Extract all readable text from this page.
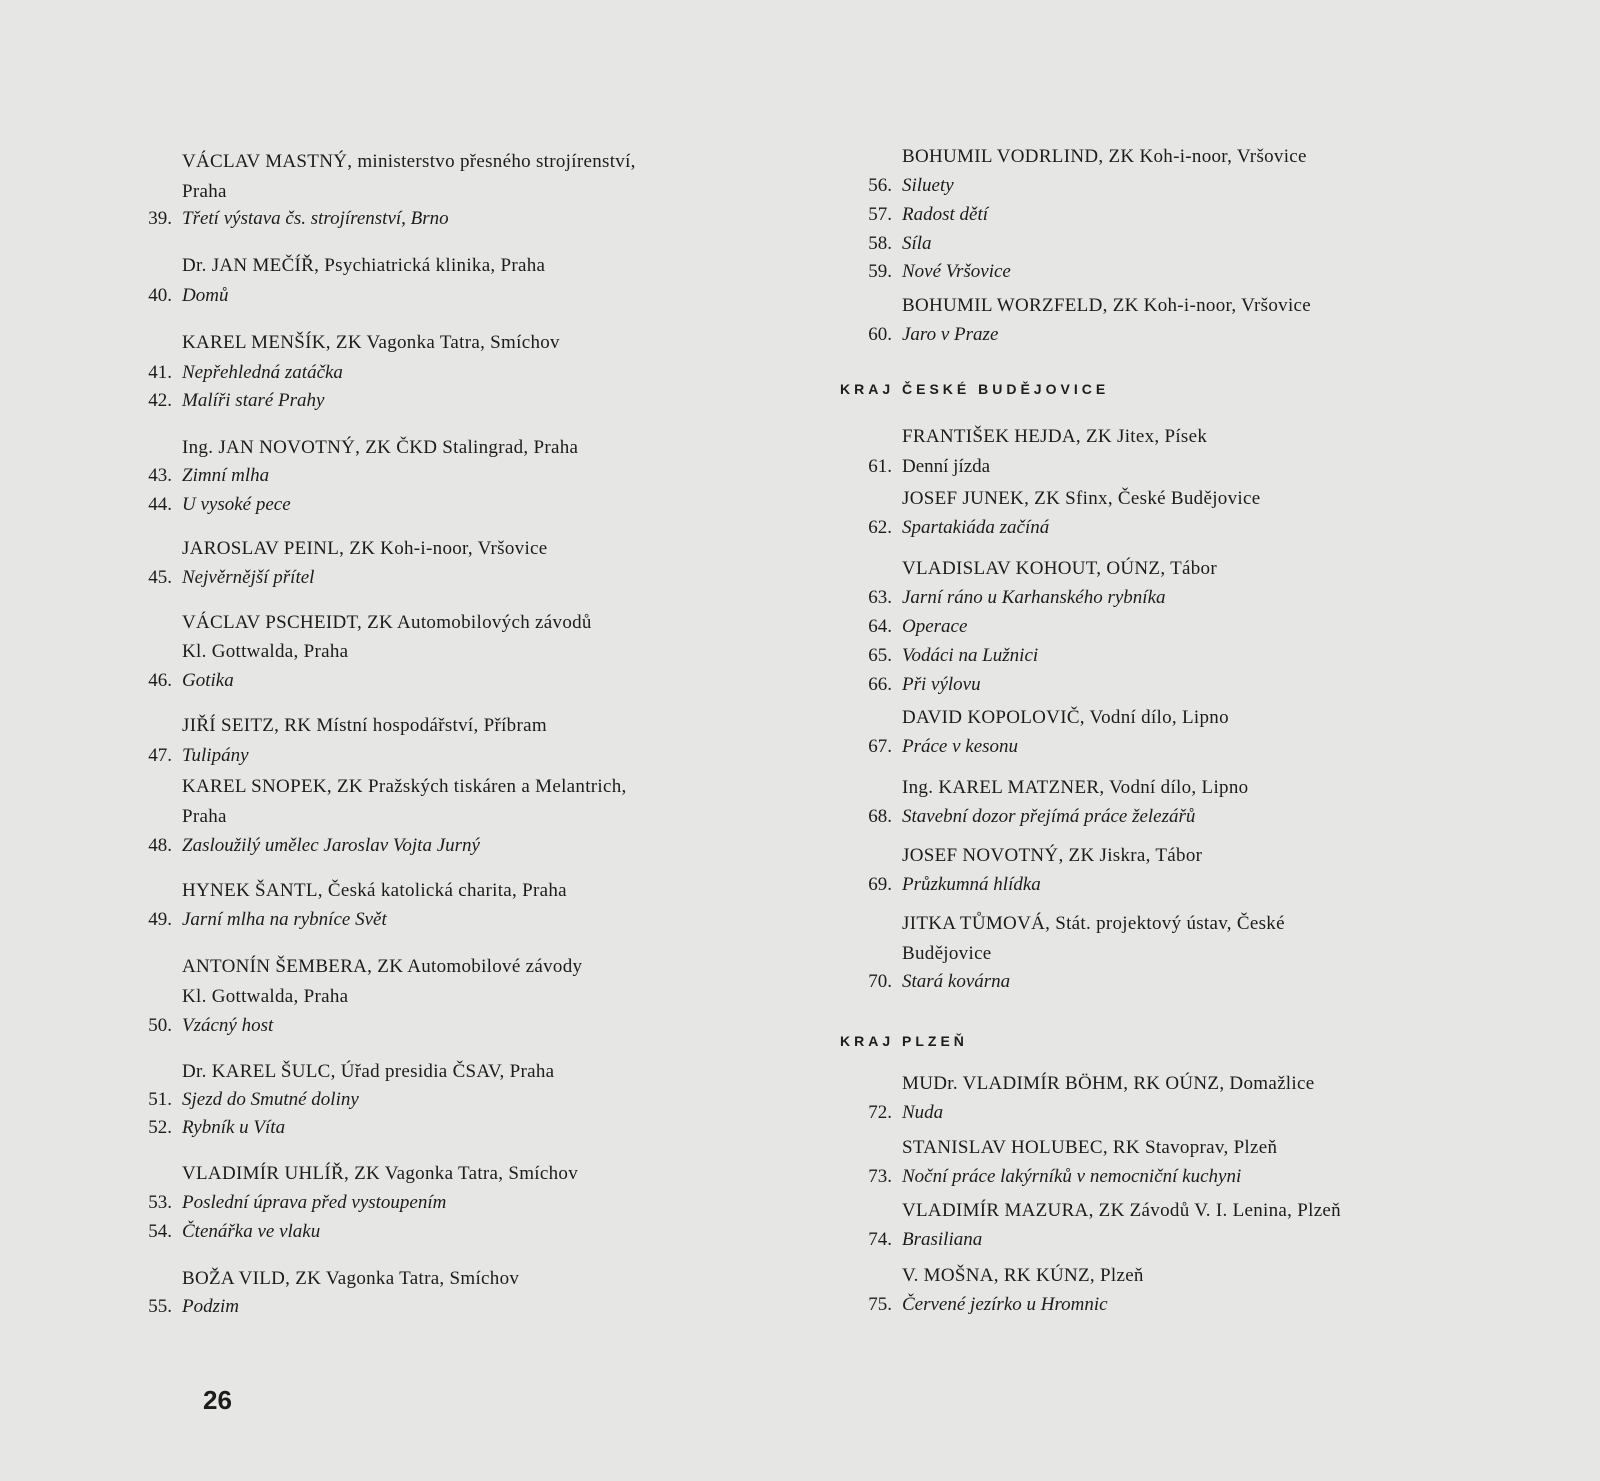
VÁCLAV MASTNÝ, ministerstvo přesného strojírenství,
Praha
39. Třetí výstava čs. strojírenství, Brno
Dr. JAN MEČÍŘ, Psychiatrická klinika, Praha
40. Domů
KAREL MENŠÍK, ZK Vagonka Tatra, Smíchov
41. Nepřehledná zatáčka
42. Malíři staré Prahy
Ing. JAN NOVOTNÝ, ZK ČKD Stalingrad, Praha
43. Zimní mlha
44. U vysoké pece
JAROSLAV PEINL, ZK Koh-i-noor, Vršovice
45. Nejvěrnější přítel
VÁCLAV PSCHEIDT, ZK Automobilových závodů
Kl. Gottwalda, Praha
46. Gotika
JIŘÍ SEITZ, RK Místní hospodářství, Příbram
47. Tulipány
KAREL SNOPEK, ZK Pražských tiskáren a Melantrich,
Praha
48. Zasloužilý umělec Jaroslav Vojta Jurný
HYNEK ŠANTL, Česká katolická charita, Praha
49. Jarní mlha na rybníce Svět
ANTONÍN ŠEMBERA, ZK Automobilové závody
Kl. Gottwalda, Praha
50. Vzácný host
Dr. KAREL ŠULC, Úřad presidia ČSAV, Praha
51. Sjezd do Smutné doliny
52. Rybník u Víta
VLADIMÍR UHLÍŘ, ZK Vagonka Tatra, Smíchov
53. Poslední úprava před vystoupením
54. Čtenářka ve vlaku
BOŽA VILD, ZK Vagonka Tatra, Smíchov
55. Podzim
BOHUMIL VODRLIND, ZK Koh-i-noor, Vršovice
56. Siluety
57. Radost dětí
58. Síla
59. Nové Vršovice
BOHUMIL WORZFELD, ZK Koh-i-noor, Vršovice
60. Jaro v Praze
KRAJ ČESKÉ BUDĚJOVICE
FRANTIŠEK HEJDA, ZK Jitex, Písek
61. Denní jízda
JOSEF JUNEK, ZK Sfinx, České Budějovice
62. Spartakiáda začíná
VLADISLAV KOHOUT, OÚNZ, Tábor
63. Jarní ráno u Karhanského rybníka
64. Operace
65. Vodáci na Lužnici
66. Při výlovu
DAVID KOPOLOVIČ, Vodní dílo, Lipno
67. Práce v kesonu
Ing. KAREL MATZNER, Vodní dílo, Lipno
68. Stavební dozor přejímá práce železářů
JOSEF NOVOTNÝ, ZK Jiskra, Tábor
69. Průzkumná hlídka
JITKA TŮMOVÁ, Stát. projektový ústav, České
Budějovice
70. Stará kovárna
KRAJ PLZEŇ
MUDr. VLADIMÍR BÖHM, RK OÚNZ, Domažlice
72. Nuda
STANISLAV HOLUBEC, RK Stavoprav, Plzeň
73. Noční práce lakýrníků v nemocniční kuchyni
VLADIMÍR MAZURA, ZK Závodů V. I. Lenina, Plzeň
74. Brasiliana
V. MOŠNA, RK KÚNZ, Plzeň
75. Červené jezírko u Hromnic
26
